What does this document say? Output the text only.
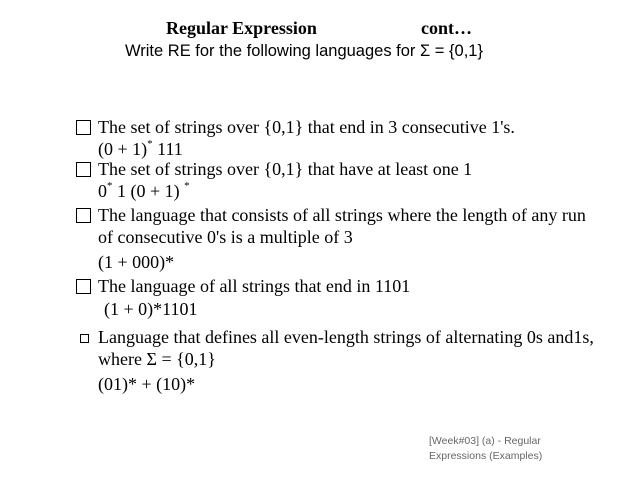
Regular Expression	cont…
Write RE for the following languages for Σ = {0,1}
The set of strings over {0,1} that end in 3 consecutive 1's.
(0 + 1)* 111
The set of strings over {0,1} that have at least one 1
0* 1 (0 + 1) *
The language that consists of all strings where the length of any run
of consecutive 0's is a multiple of 3
(1 + 000)*
The language of all strings that end in 1101
(1 + 0)*1101
Language that defines all even-length strings of alternating 0s and1s,
where Σ = {0,1}
(01)* + (10)*
[Week#03] (a) - Regular
Expressions (Examples)
